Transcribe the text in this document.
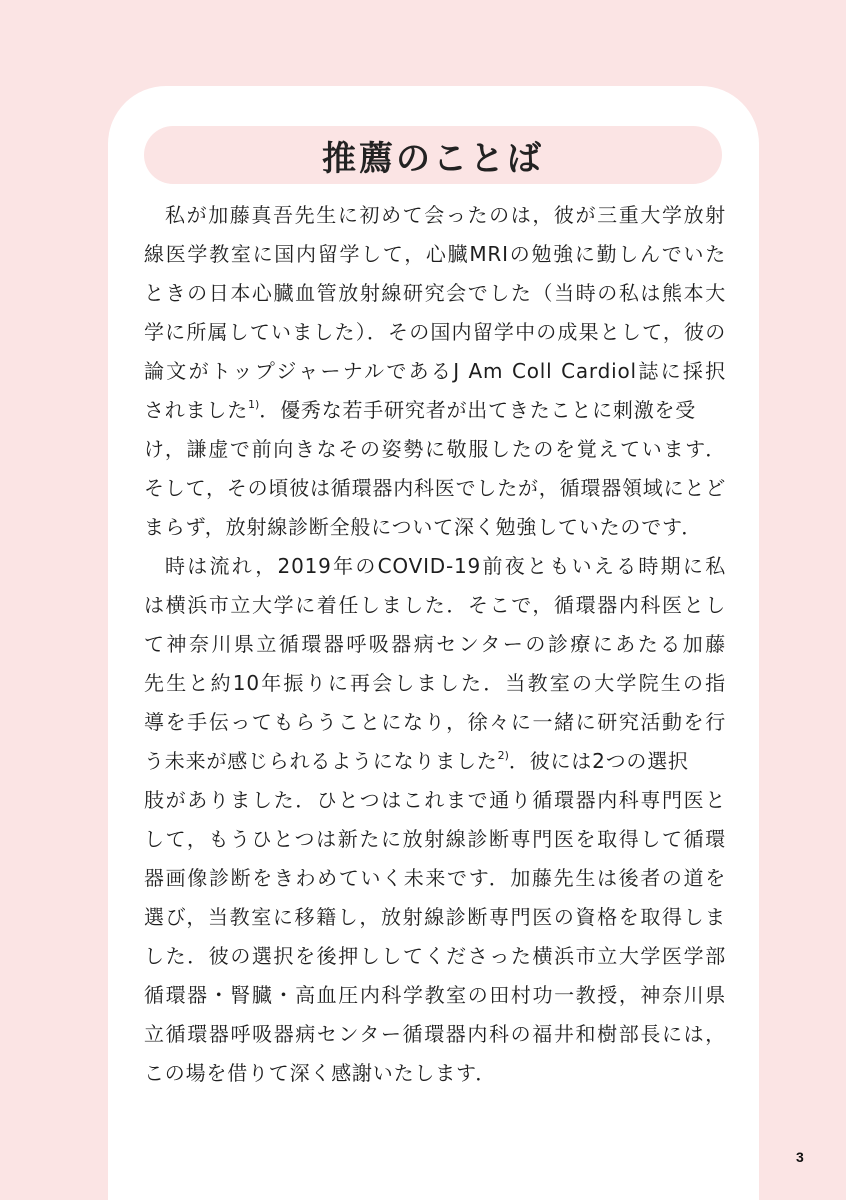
推薦のことば
私が加藤真吾先生に初めて会ったのは，彼が三重大学放射
線医学教室に国内留学して，心臓MRIの勉強に勤しんでいた
ときの日本心臓血管放射線研究会でした（当時の私は熊本大
学に所属していました）．その国内留学中の成果として，彼の
論文がトップジャーナルであるJ Am Coll Cardiol誌に採択
されました$^{1)}$．優秀な若手研究者が出てきたことに刺激を受
け，謙虚で前向きなその姿勢に敬服したのを覚えています．
そして，その頃彼は循環器内科医でしたが，循環器領域にとど
まらず，放射線診断全般について深く勉強していたのです．
時は流れ，2019年のCOVID-19前夜ともいえる時期に私
は横浜市立大学に着任しました．そこで，循環器内科医とし
て神奈川県立循環器呼吸器病センターの診療にあたる加藤
先生と約10年振りに再会しました．当教室の大学院生の指
導を手伝ってもらうことになり，徐々に一緒に研究活動を行
う未来が感じられるようになりました$^{2)}$．彼には2つの選択
肢がありました．ひとつはこれまで通り循環器内科専門医と
して，もうひとつは新たに放射線診断専門医を取得して循環
器画像診断をきわめていく未来です．加藤先生は後者の道を
選び，当教室に移籍し，放射線診断専門医の資格を取得しま
した．彼の選択を後押ししてくださった横浜市立大学医学部
循環器・腎臓・高血圧内科学教室の田村功一教授，神奈川県
立循環器呼吸器病センター循環器内科の福井和樹部長には，
この場を借りて深く感謝いたします．
3
